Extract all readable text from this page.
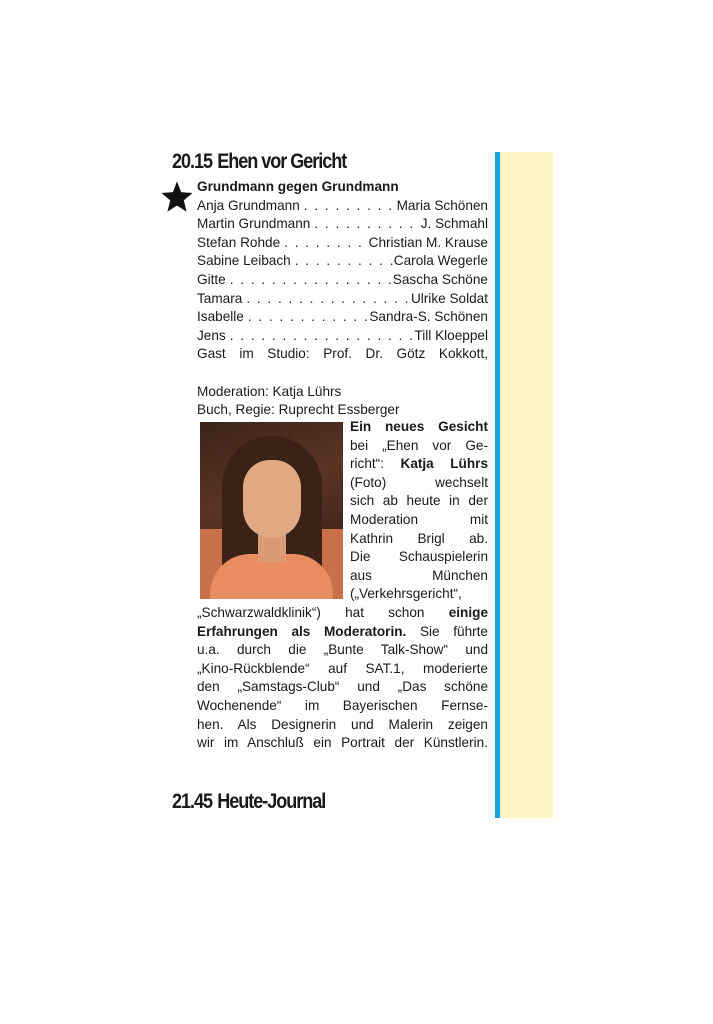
20.15 Ehen vor Gericht
Grundmann gegen Grundmann
Anja Grundmann . . .	Maria Schönen
Martin Grundmann . . .	J. Schmahl
Stefan Rohde . . .	Christian M. Krause
Sabine Leibach . . .	Carola Wegerle
Gitte . . .	Sascha Schöne
Tamara . . .	Ulrike Soldat
Isabelle . . .	Sandra-S. Schönen
Jens . . .	Till Kloeppel
Gast im Studio: Prof. Dr. Götz Kokkott,
Moderation: Katja Lührs
Buch, Regie: Ruprecht Essberger
Ein neues Gesicht
bei „Ehen vor Ge-
richt“: Katja Lührs
(Foto) wechselt
sich ab heute in der
Moderation mit
Kathrin Brigl ab.
Die Schauspielerin
aus München
(„Verkehrsgericht“,
„Schwarzwaldklinik“) hat schon einige
Erfahrungen als Moderatorin. Sie führte
u.a. durch die „Bunte Talk-Show“ und
„Kino-Rückblende“ auf SAT.1, moderierte
den „Samstags-Club“ und „Das schöne
Wochenende“ im Bayerischen Fernse-
hen. Als Designerin und Malerin zeigen
wir im Anschluß ein Portrait der Künstlerin.
21.45 Heute-Journal
